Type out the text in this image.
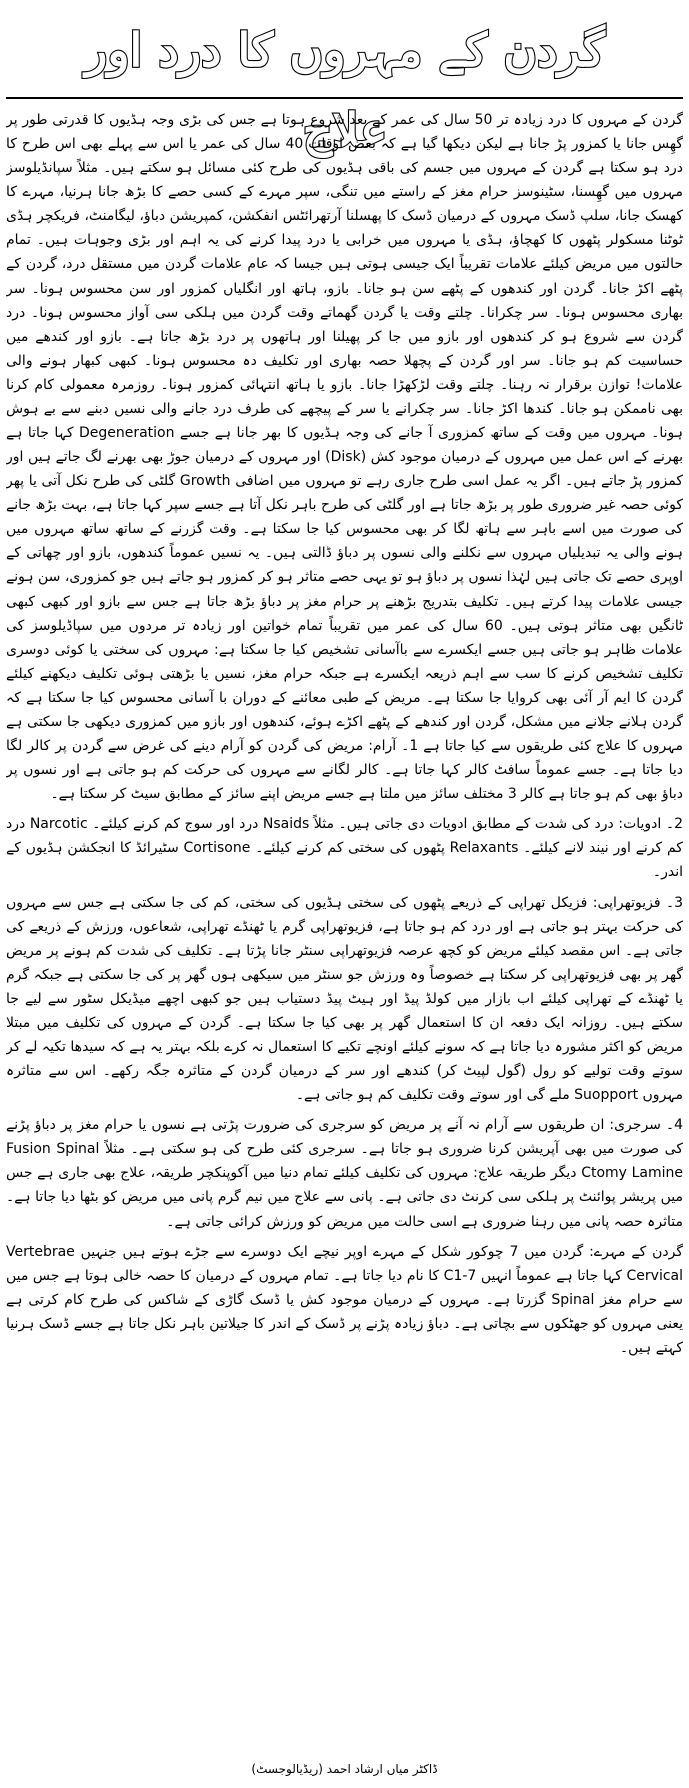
گردن کے مہروں کا درد اور علاج

گردن کے مہروں کا درد زیادہ تر 50 سال کی عمر کے بعد شروع ہوتا ہے جس کی بڑی وجہ ہڈیوں کا قدرتی طور پر گھِس جانا یا کمزور پڑ جانا ہے لیکن دیکھا گیا ہے کہ بعض اوقات 40 سال کی عمر یا اس سے پہلے بھی اس طرح کا درد ہو سکتا ہے گردن کے مہروں میں جسم کی باقی ہڈیوں کی طرح کئی مسائل ہو سکتے ہیں۔ مثلاً سپانڈیلوسز مہروں میں گھِسنا، سٹینوسز حرام مغز کے راستے میں تنگی، سپر مہرے کے کسی حصے کا بڑھ جانا ہرنیا، مہرے کا کھسک جانا، سلپ ڈسک مہروں کے درمیان ڈسک کا پھسلنا آرتھرائٹس انفکشن، کمپریشن دباؤ، لیگامنٹ، فریکچر ہڈی ٹوٹنا مسکولر پٹھوں کا کھچاؤ، ہڈی یا مہروں میں خرابی یا درد پیدا کرنے کی یہ اہم اور بڑی وجوہات ہیں۔ تمام حالتوں میں مریض کیلئے علامات تقریباً ایک جیسی ہوتی ہیں جیسا کہ عام علامات گردن میں مستقل درد، گردن کے پٹھے اکڑ جانا۔ گردن اور کندھوں کے پٹھے سن ہو جانا۔ بازو، ہاتھ اور انگلیاں کمزور اور سن محسوس ہونا۔ سر بھاری محسوس ہونا۔ سر چکرانا۔ چلتے وقت یا گردن گھماتے وقت گردن میں ہلکی سی آواز محسوس ہونا۔ درد گردن سے شروع ہو کر کندھوں اور بازو میں جا کر پھیلنا اور ہاتھوں پر درد بڑھ جاتا ہے۔ بازو اور کندھے میں حساسیت کم ہو جانا۔ سر اور گردن کے پچھلا حصہ بھاری اور تکلیف دہ محسوس ہونا۔ کبھی کبھار ہونے والی علامات! توازن برقرار نہ رہنا۔ چلتے وقت لڑکھڑا جانا۔ بازو یا ہاتھ انتہائی کمزور ہونا۔ روزمرہ معمولی کام کرنا بھی ناممکن ہو جانا۔ کندھا اکڑ جانا۔ سر چکرانے یا سر کے پیچھے کی طرف درد جانے والی نسیں دبنے سے بے ہوش ہونا۔ مہروں میں وقت کے ساتھ کمزوری آ جانے کی وجہ ہڈیوں کا بھر جانا ہے جسے Degeneration کہا جاتا ہے بھرنے کے اس عمل میں مہروں کے درمیان موجود کش (Disk) اور مہروں کے درمیان جوڑ بھی بھرنے لگ جاتے ہیں اور کمزور پڑ جاتے ہیں۔ اگر یہ عمل اسی طرح جاری رہے تو مہروں میں اضافی Growth گلٹی کی طرح نکل آتی یا پھر کوئی حصہ غیر ضروری طور پر بڑھ جاتا ہے اور گلٹی کی طرح باہر نکل آتا ہے جسے سپر کہا جاتا ہے، بہت بڑھ جانے کی صورت میں اسے باہر سے ہاتھ لگا کر بھی محسوس کیا جا سکتا ہے۔ وقت گزرنے کے ساتھ ساتھ مہروں میں ہونے والی یہ تبدیلیاں مہروں سے نکلنے والی نسوں پر دباؤ ڈالتی ہیں۔ یہ نسیں عموماً کندھوں، بازو اور چھاتی کے اوپری حصے تک جاتی ہیں لہٰذا نسوں پر دباؤ ہو تو یہی حصے متاثر ہو کر کمزور ہو جاتے ہیں جو کمزوری، سن ہونے جیسی علامات پیدا کرتے ہیں۔ تکلیف بتدریج بڑھنے پر حرام مغز پر دباؤ بڑھ جاتا ہے جس سے بازو اور کبھی کبھی ٹانگیں بھی متاثر ہوتی ہیں۔ 60 سال کی عمر میں تقریباً تمام خواتین اور زیادہ تر مردوں میں سپاڈیلوسز کی علامات ظاہر ہو جاتی ہیں جسے ایکسرے سے باآسانی تشخیص کیا جا سکتا ہے: مہروں کی سختی یا کوئی دوسری تکلیف تشخیص کرنے کا سب سے اہم ذریعہ ایکسرے ہے جبکہ حرام مغز، نسیں یا بڑھتی ہوئی تکلیف دیکھنے کیلئے گردن کا ایم آر آئی بھی کروایا جا سکتا ہے۔ مریض کے طبی معائنے کے دوران با آسانی محسوس کیا جا سکتا ہے کہ گردن ہلانے جلانے میں مشکل، گردن اور کندھے کے پٹھے اکڑے ہوئے، کندھوں اور بازو میں کمزوری دیکھی جا سکتی ہے مہروں کا علاج کئی طریقوں سے کیا جاتا ہے 1۔ آرام: مریض کی گردن کو آرام دینے کی غرض سے گردن پر کالر لگا دیا جاتا ہے۔ جسے عموماً سافٹ کالر کہا جاتا ہے۔ کالر لگانے سے مہروں کی حرکت کم ہو جاتی ہے اور نسوں پر دباؤ بھی کم ہو جاتا ہے کالر 3 مختلف سائز میں ملتا ہے جسے مریض اپنے سائز کے مطابق سیٹ کر سکتا ہے۔

2۔ ادویات: درد کی شدت کے مطابق ادویات دی جاتی ہیں۔ مثلاً Nsaids درد اور سوج کم کرنے کیلئے۔ Narcotic درد کم کرنے اور نیند لانے کیلئے۔ Relaxants پٹھوں کی سختی کم کرنے کیلئے۔ Cortisone سٹیرائڈ کا انجکشن ہڈیوں کے اندر۔

3۔ فزیوتھراپی: فزیکل تھراپی کے ذریعے پٹھوں کی سختی ہڈیوں کی سختی، کم کی جا سکتی ہے جس سے مہروں کی حرکت بہتر ہو جاتی ہے اور درد کم ہو جاتا ہے، فزیوتھراپی گرم یا ٹھنڈے تھراپی، شعاعوں، ورزش کے ذریعے کی جاتی ہے۔ اس مقصد کیلئے مریض کو کچھ عرصہ فزیوتھراپی سنٹر جانا پڑتا ہے۔ تکلیف کی شدت کم ہونے پر مریض گھر پر بھی فزیوتھراپی کر سکتا ہے خصوصاً وہ ورزش جو سنٹر میں سیکھی ہوں گھر پر کی جا سکتی ہے جبکہ گرم یا ٹھنڈے کے تھراپی کیلئے اب بازار میں کولڈ پیڈ اور ہیٹ پیڈ دستیاب ہیں جو کبھی اچھے میڈیکل سٹور سے لیے جا سکتے ہیں۔ روزانہ ایک دفعہ ان کا استعمال گھر پر بھی کیا جا سکتا ہے۔ گردن کے مہروں کی تکلیف میں مبتلا مریض کو اکثر مشورہ دیا جاتا ہے کہ سونے کیلئے اونچے تکیے کا استعمال نہ کرے بلکہ بہتر یہ ہے کہ سیدھا تکیہ لے کر سوتے وقت تولیے کو رول (گول لپیٹ کر) کندھے اور سر کے درمیان گردن کے متاثرہ جگہ رکھے۔ اس سے متاثرہ مہروں Suopport ملے گی اور سوتے وقت تکلیف کم ہو جاتی ہے۔

4۔ سرجری: ان طریقوں سے آرام نہ آنے پر مریض کو سرجری کی ضرورت پڑتی ہے نسوں یا حرام مغز پر دباؤ پڑنے کی صورت میں بھی آپریشن کرنا ضروری ہو جاتا ہے۔ سرجری کئی طرح کی ہو سکتی ہے۔ مثلاً Fusion Spinal Ctomy Lamine دیگر طریقہ علاج: مہروں کی تکلیف کیلئے تمام دنیا میں آکوپنکچر طریقہ، علاج بھی جاری ہے جس میں پریشر پوائنٹ پر ہلکی سی کرنٹ دی جاتی ہے۔ پانی سے علاج میں نیم گرم پانی میں مریض کو بٹھا دیا جاتا ہے۔ متاثرہ حصہ پانی میں رہنا ضروری ہے اسی حالت میں مریض کو ورزش کرائی جاتی ہے۔

گردن کے مہرے: گردن میں 7 چوکور شکل کے مہرے اوپر نیچے ایک دوسرے سے جڑے ہوتے ہیں جنہیں Vertebrae Cervical کہا جاتا ہے عموماً انہیں 7-C1 کا نام دیا جاتا ہے۔ تمام مہروں کے درمیان کا حصہ خالی ہوتا ہے جس میں سے حرام مغز Spinal گزرتا ہے۔ مہروں کے درمیان موجود کش یا ڈسک گاڑی کے شاکس کی طرح کام کرتی ہے یعنی مہروں کو جھٹکوں سے بچاتی ہے۔ دباؤ زیادہ پڑنے پر ڈسک کے اندر کا جیلاتین باہر نکل جاتا ہے جسے ڈسک ہرنیا کہتے ہیں۔

ڈاکٹر میاں ارشاد احمد (ریڈیالوجسٹ)
